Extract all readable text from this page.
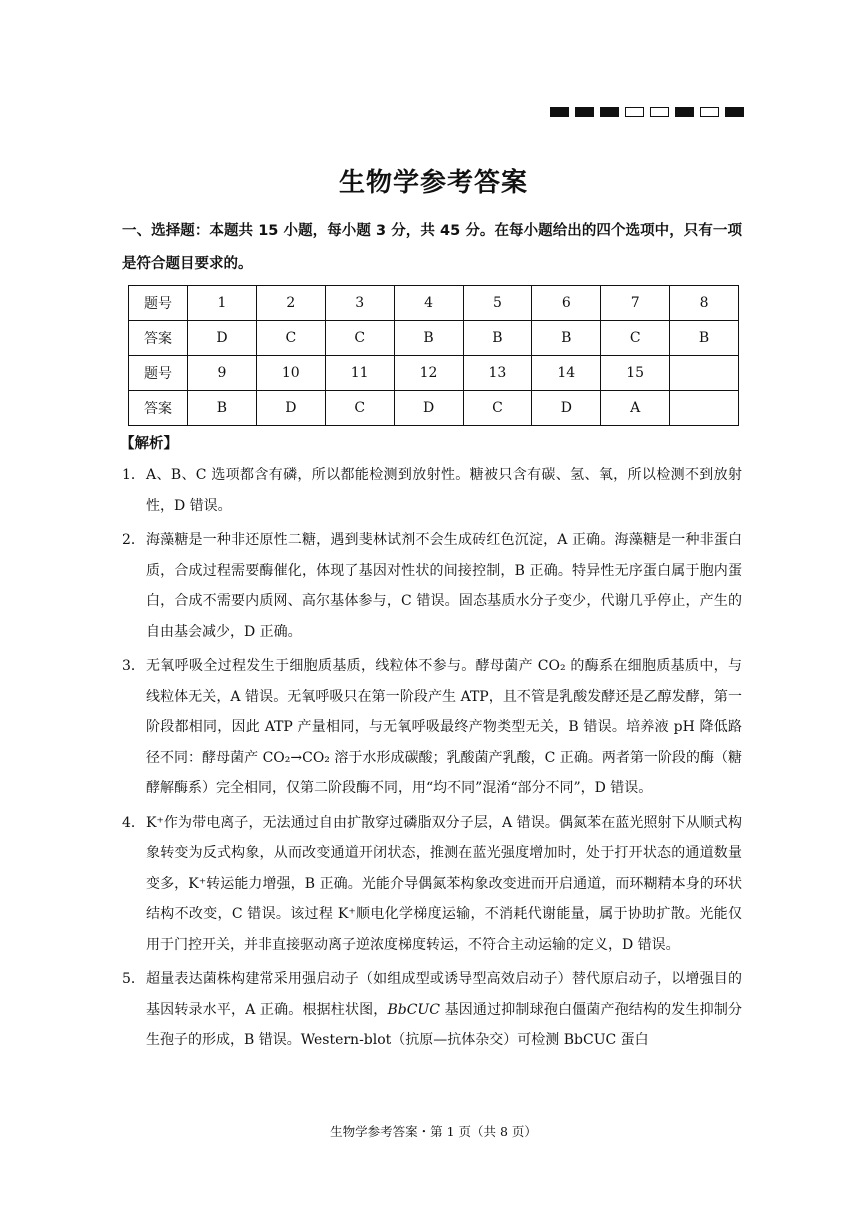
生物学参考答案
一、选择题：本题共 15 小题，每小题 3 分，共 45 分。在每小题给出的四个选项中，只有一项是符合题目要求的。
题号	1	2	3	4	5	6	7	8
答案	D	C	C	B	B	B	C	B
题号	9	10	11	12	13	14	15	
答案	B	D	C	D	C	D	A	
【解析】
1． A、B、C 选项都含有磷，所以都能检测到放射性。糖被只含有碳、氢、氧，所以检测不到放射性，D 错误。

2． 海藻糖是一种非还原性二糖，遇到斐林试剂不会生成砖红色沉淀，A 正确。海藻糖是一种非蛋白质，合成过程需要酶催化，体现了基因对性状的间接控制，B 正确。特异性无序蛋白属于胞内蛋白，合成不需要内质网、高尔基体参与，C 错误。固态基质水分子变少，代谢几乎停止，产生的自由基会减少，D 正确。

3． 无氧呼吸全过程发生于细胞质基质，线粒体不参与。酵母菌产 CO₂ 的酶系在细胞质基质中，与线粒体无关，A 错误。无氧呼吸只在第一阶段产生 ATP，且不管是乳酸发酵还是乙醇发酵，第一阶段都相同，因此 ATP 产量相同，与无氧呼吸最终产物类型无关，B 错误。培养液 pH 降低路径不同：酵母菌产 CO₂→CO₂ 溶于水形成碳酸；乳酸菌产乳酸，C 正确。两者第一阶段的酶（糖酵解酶系）完全相同，仅第二阶段酶不同，用“均不同”混淆“部分不同”，D 错误。

4． K⁺作为带电离子，无法通过自由扩散穿过磷脂双分子层，A 错误。偶氮苯在蓝光照射下从顺式构象转变为反式构象，从而改变通道开闭状态，推测在蓝光强度增加时，处于打开状态的通道数量变多，K⁺转运能力增强，B 正确。光能介导偶氮苯构象改变进而开启通道，而环糊精本身的环状结构不改变，C 错误。该过程 K⁺顺电化学梯度运输，不消耗代谢能量，属于协助扩散。光能仅用于门控开关，并非直接驱动离子逆浓度梯度转运，不符合主动运输的定义，D 错误。

5． 超量表达菌株构建常采用强启动子（如组成型或诱导型高效启动子）替代原启动子，以增强目的基因转录水平，A 正确。根据柱状图，BbCUC 基因通过抑制球孢白僵菌产孢结构的发生抑制分生孢子的形成，B 错误。Western-blot（抗原—抗体杂交）可检测 BbCUC 蛋白

生物学参考答案・第 1 页（共 8 页）
